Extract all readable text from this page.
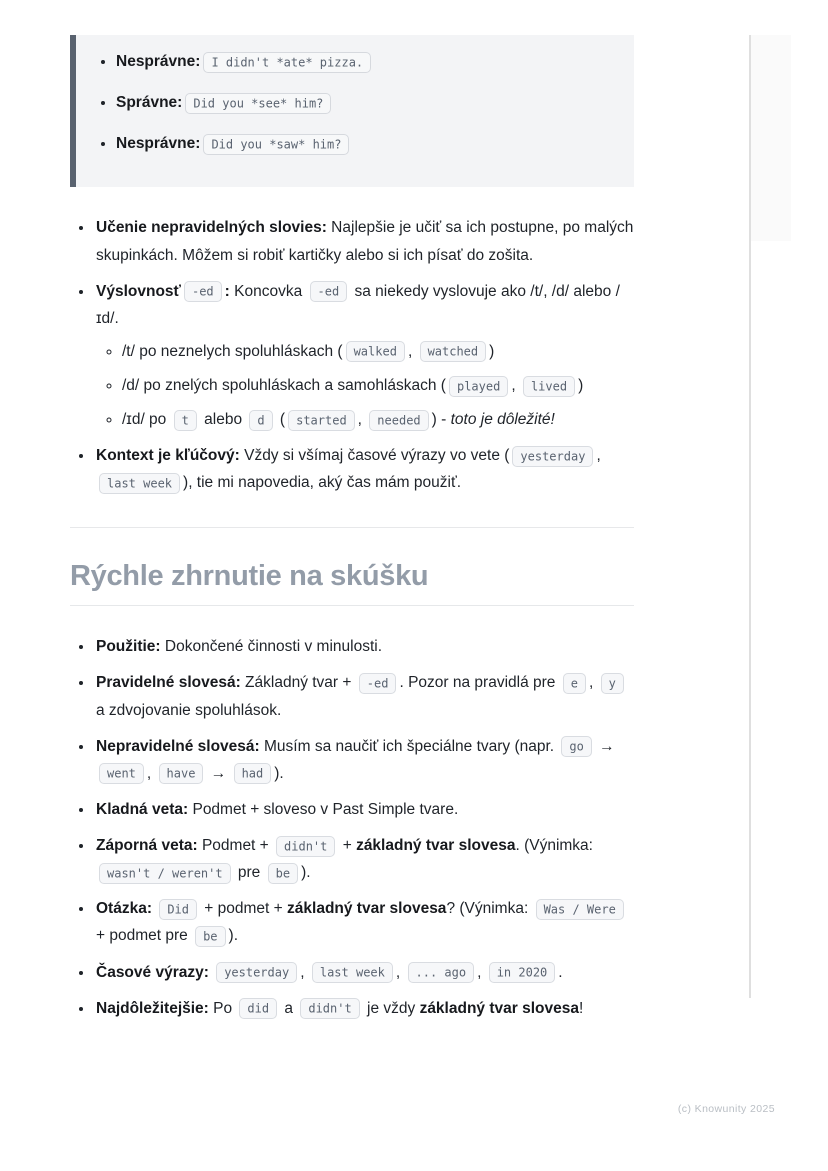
• Nesprávne: I didn't *ate* pizza.
• Správne: Did you *see* him?
• Nesprávne: Did you *saw* him?
• Učenie nepravidelných slovies: Najlepšie je učiť sa ich postupne, po malých skupinkách. Môžem si robiť kartičky alebo si ich písať do zošita.
• Výslovnosť -ed : Koncovka -ed sa niekedy vyslovuje ako /t/, /d/ alebo /ɪd/.
◦ /t/ po neznelych spoluhláskach ( walked , watched )
◦ /d/ po znelých spoluhláskach a samohláskach ( played , lived )
◦ /ɪd/ po t alebo d ( started , needed ) - toto je dôležité!
• Kontext je kľúčový: Vždy si všímaj časové výrazy vo vete ( yesterday , last week ), tie mi napovedia, aký čas mám použiť.
Rýchle zhrnutie na skúšku
• Použitie: Dokončené činnosti v minulosti.
• Pravidelné slovesá: Základný tvar + -ed . Pozor na pravidlá pre e , y a zdvojovanie spoluhlások.
• Nepravidelné slovesá: Musím sa naučiť ich špeciálne tvary (napr. go → went , have → had ).
• Kladná veta: Podmet + sloveso v Past Simple tvare.
• Záporná veta: Podmet + didn't + základný tvar slovesa. (Výnimka: wasn't / weren't pre be ).
• Otázka: Did + podmet + základný tvar slovesa? (Výnimka: Was / Were + podmet pre be ).
• Časové výrazy: yesterday , last week , ... ago , in 2020 .
• Najdôležitejšie: Po did a didn't je vždy základný tvar slovesa!
(c) Knowunity 2025
